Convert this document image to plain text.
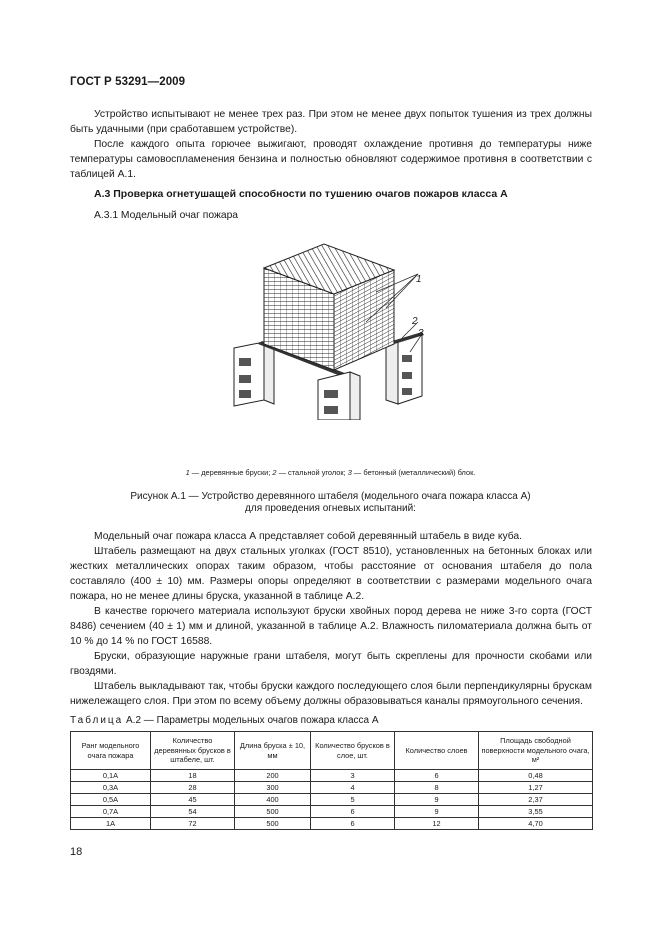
ГОСТ Р 53291—2009

Устройство испытывают не менее трех раз. При этом не менее двух попыток тушения из трех должны быть удачными (при сработавшем устройстве).

После каждого опыта горючее выжигают, проводят охлаждение противня до температуры ниже температуры самовоспламенения бензина и полностью обновляют содержимое противня в соответствии с таблицей А.1.

А.3 Проверка огнетушащей способности по тушению очагов пожаров класса А
А.3.1 Модельный очаг пожара
1
2
3
1 — деревянные бруски; 2 — стальной уголок; 3 — бетонный (металлический) блок.
Рисунок А.1 — Устройство деревянного штабеля (модельного очага пожара класса А)
для проведения огневых испытаний:

Модельный очаг пожара класса А представляет собой деревянный штабель в виде куба.

Штабель размещают на двух стальных уголках (ГОСТ 8510), установленных на бетонных блоках или жестких металлических опорах таким образом, чтобы расстояние от основания штабеля до пола составляло (400 ± 10) мм. Размеры опоры определяют в соответствии с размерами модельного очага пожара, но не менее длины бруска, указанной в таблице А.2.

В качестве горючего материала используют бруски хвойных пород дерева не ниже 3-го сорта (ГОСТ 8486) сечением (40 ± 1) мм и длиной, указанной в таблице А.2. Влажность пиломатериала должна быть от 10 % до 14 % по ГОСТ 16588.

Бруски, образующие наружные грани штабеля, могут быть скреплены для прочности скобами или гвоздями.

Штабель выкладывают так, чтобы бруски каждого последующего слоя были перпендикулярны брускам нижележащего слоя. При этом по всему объему должны образовываться каналы прямоугольного сечения.

Таблица А.2 — Параметры модельных очагов пожара класса А
Ранг модельного очага пожара	Количество деревянных брусков в штабеле, шт.	Длина бруска ± 10, мм	Количество брусков в слое, шт.	Количество слоев	Площадь свободной поверхности модельного очага, м²
0,1А	18	200	3	6	0,48
0,3А	28	300	4	8	1,27
0,5А	45	400	5	9	2,37
0,7А	54	500	6	9	3,55
1А	72	500	6	12	4,70
18
